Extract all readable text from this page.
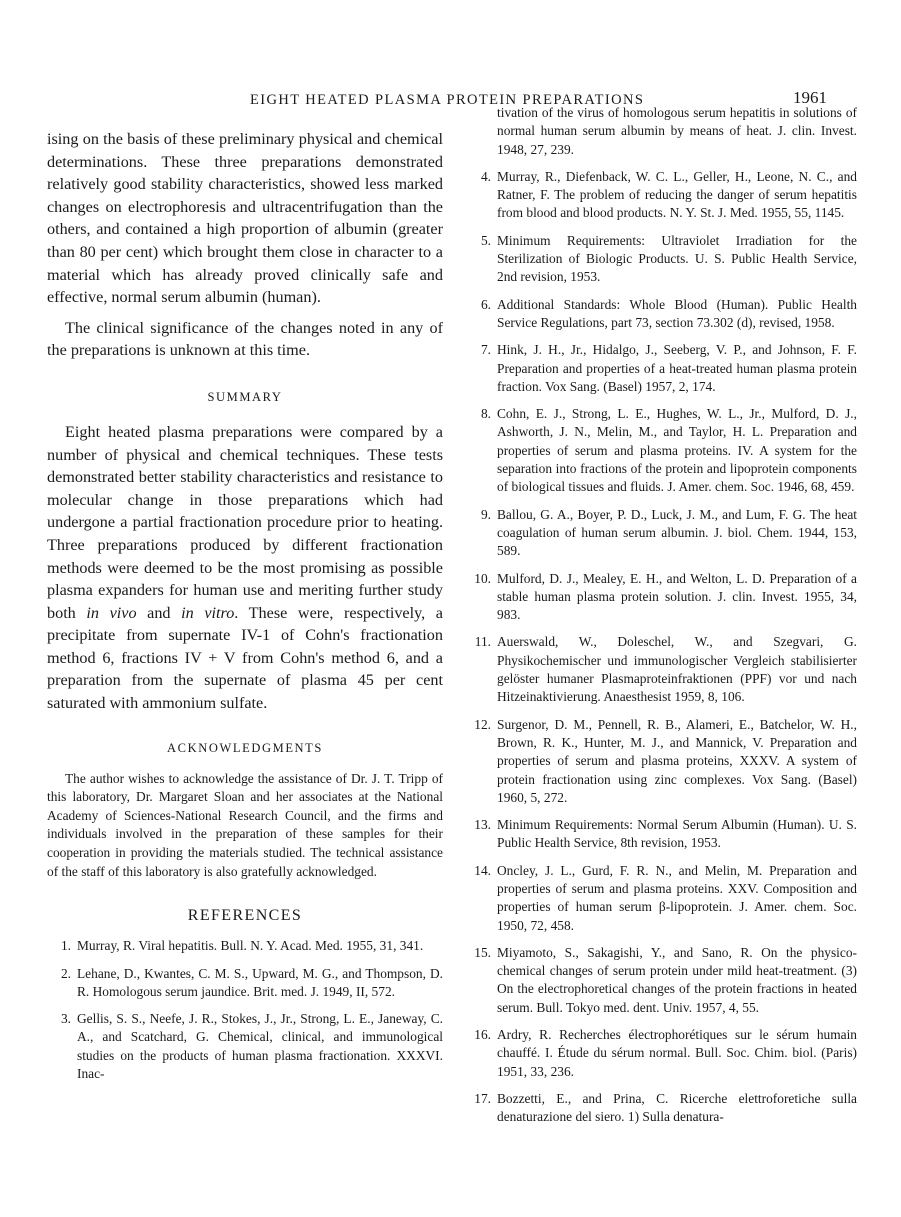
EIGHT HEATED PLASMA PROTEIN PREPARATIONS	1961

ising on the basis of these preliminary physical and chemical determinations. These three preparations demonstrated relatively good stability characteristics, showed less marked changes on electrophoresis and ultracentrifugation than the others, and contained a high proportion of albumin (greater than 80 per cent) which brought them close in character to a material which has already proved clinically safe and effective, normal serum albumin (human).

The clinical significance of the changes noted in any of the preparations is unknown at this time.

SUMMARY

Eight heated plasma preparations were compared by a number of physical and chemical techniques. These tests demonstrated better stability characteristics and resistance to molecular change in those preparations which had undergone a partial fractionation procedure prior to heating. Three preparations produced by different fractionation methods were deemed to be the most promising as possible plasma expanders for human use and meriting further study both in vivo and in vitro. These were, respectively, a precipitate from supernate IV-1 of Cohn's fractionation method 6, fractions IV + V from Cohn's method 6, and a preparation from the supernate of plasma 45 per cent saturated with ammonium sulfate.

ACKNOWLEDGMENTS

The author wishes to acknowledge the assistance of Dr. J. T. Tripp of this laboratory, Dr. Margaret Sloan and her associates at the National Academy of Sciences-National Research Council, and the firms and individuals involved in the preparation of these samples for their cooperation in providing the materials studied. The technical assistance of the staff of this laboratory is also gratefully acknowledged.

REFERENCES
1. Murray, R. Viral hepatitis. Bull. N. Y. Acad. Med. 1955, 31, 341.
2. Lehane, D., Kwantes, C. M. S., Upward, M. G., and Thompson, D. R. Homologous serum jaundice. Brit. med. J. 1949, II, 572.
3. Gellis, S. S., Neefe, J. R., Stokes, J., Jr., Strong, L. E., Janeway, C. A., and Scatchard, G. Chemical, clinical, and immunological studies on the products of human plasma fractionation. XXXVI. Inac-
tivation of the virus of homologous serum hepatitis in solutions of normal human serum albumin by means of heat. J. clin. Invest. 1948, 27, 239.
4. Murray, R., Diefenback, W. C. L., Geller, H., Leone, N. C., and Ratner, F. The problem of reducing the danger of serum hepatitis from blood and blood products. N. Y. St. J. Med. 1955, 55, 1145.
5. Minimum Requirements: Ultraviolet Irradiation for the Sterilization of Biologic Products. U. S. Public Health Service, 2nd revision, 1953.
6. Additional Standards: Whole Blood (Human). Public Health Service Regulations, part 73, section 73.302 (d), revised, 1958.
7. Hink, J. H., Jr., Hidalgo, J., Seeberg, V. P., and Johnson, F. F. Preparation and properties of a heat-treated human plasma protein fraction. Vox Sang. (Basel) 1957, 2, 174.
8. Cohn, E. J., Strong, L. E., Hughes, W. L., Jr., Mulford, D. J., Ashworth, J. N., Melin, M., and Taylor, H. L. Preparation and properties of serum and plasma proteins. IV. A system for the separation into fractions of the protein and lipoprotein components of biological tissues and fluids. J. Amer. chem. Soc. 1946, 68, 459.
9. Ballou, G. A., Boyer, P. D., Luck, J. M., and Lum, F. G. The heat coagulation of human serum albumin. J. biol. Chem. 1944, 153, 589.
10. Mulford, D. J., Mealey, E. H., and Welton, L. D. Preparation of a stable human plasma protein solution. J. clin. Invest. 1955, 34, 983.
11. Auerswald, W., Doleschel, W., and Szegvari, G. Physikochemischer und immunologischer Vergleich stabilisierter gelöster humaner Plasmaproteinfraktionen (PPF) vor und nach Hitzeinaktivierung. Anaesthesist 1959, 8, 106.
12. Surgenor, D. M., Pennell, R. B., Alameri, E., Batchelor, W. H., Brown, R. K., Hunter, M. J., and Mannick, V. Preparation and properties of serum and plasma proteins, XXXV. A system of protein fractionation using zinc complexes. Vox Sang. (Basel) 1960, 5, 272.
13. Minimum Requirements: Normal Serum Albumin (Human). U. S. Public Health Service, 8th revision, 1953.
14. Oncley, J. L., Gurd, F. R. N., and Melin, M. Preparation and properties of serum and plasma proteins. XXV. Composition and properties of human serum β-lipoprotein. J. Amer. chem. Soc. 1950, 72, 458.
15. Miyamoto, S., Sakagishi, Y., and Sano, R. On the physico-chemical changes of serum protein under mild heat-treatment. (3) On the electrophoretical changes of the protein fractions in heated serum. Bull. Tokyo med. dent. Univ. 1957, 4, 55.
16. Ardry, R. Recherches électrophorétiques sur le sérum humain chauffé. I. Étude du sérum normal. Bull. Soc. Chim. biol. (Paris) 1951, 33, 236.
17. Bozzetti, E., and Prina, C. Ricerche elettroforetiche sulla denaturazione del siero. 1) Sulla denatura-
